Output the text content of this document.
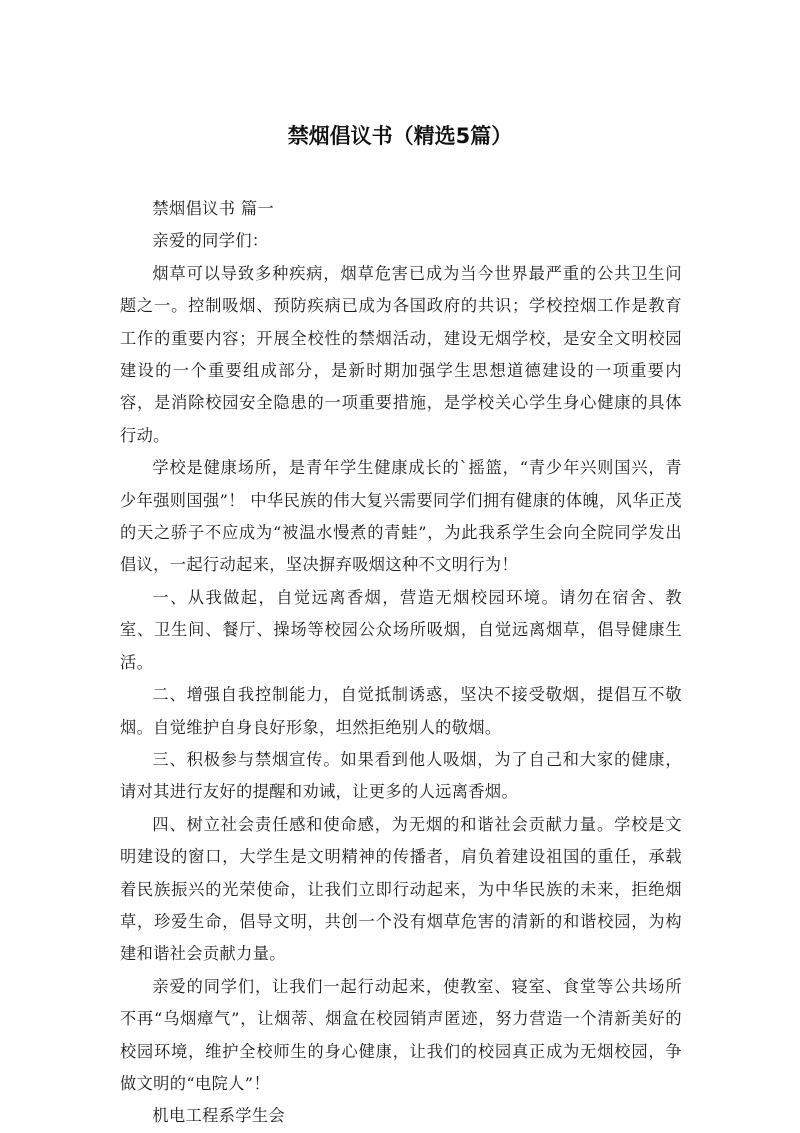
禁烟倡议书（精选5篇）

禁烟倡议书 篇一

亲爱的同学们：

烟草可以导致多种疾病，烟草危害已成为当今世界最严重的公共卫生问题之一。控制吸烟、预防疾病已成为各国政府的共识；学校控烟工作是教育工作的重要内容；开展全校性的禁烟活动，建设无烟学校，是安全文明校园建设的一个重要组成部分，是新时期加强学生思想道德建设的一项重要内容，是消除校园安全隐患的一项重要措施，是学校关心学生身心健康的具体行动。

学校是健康场所，是青年学生健康成长的`摇篮，“青少年兴则国兴，青少年强则国强”！ 中华民族的伟大复兴需要同学们拥有健康的体魄，风华正茂的天之骄子不应成为“被温水慢煮的青蛙”，为此我系学生会向全院同学发出倡议，一起行动起来，坚决摒弃吸烟这种不文明行为！

一、从我做起，自觉远离香烟，营造无烟校园环境。请勿在宿舍、教室、卫生间、餐厅、操场等校园公众场所吸烟，自觉远离烟草，倡导健康生活。

二、增强自我控制能力，自觉抵制诱惑，坚决不接受敬烟，提倡互不敬烟。自觉维护自身良好形象，坦然拒绝别人的敬烟。

三、积极参与禁烟宣传。如果看到他人吸烟，为了自己和大家的健康，请对其进行友好的提醒和劝诫，让更多的人远离香烟。

四、树立社会责任感和使命感，为无烟的和谐社会贡献力量。学校是文明建设的窗口，大学生是文明精神的传播者，肩负着建设祖国的重任，承载着民族振兴的光荣使命，让我们立即行动起来，为中华民族的未来，拒绝烟草，珍爱生命，倡导文明，共创一个没有烟草危害的清新的和谐校园，为构建和谐社会贡献力量。

亲爱的同学们，让我们一起行动起来，使教室、寝室、食堂等公共场所不再“乌烟瘴气”，让烟蒂、烟盒在校园销声匿迹，努力营造一个清新美好的校园环境，维护全校师生的身心健康，让我们的校园真正成为无烟校园，争做文明的“电院人”！

机电工程系学生会
